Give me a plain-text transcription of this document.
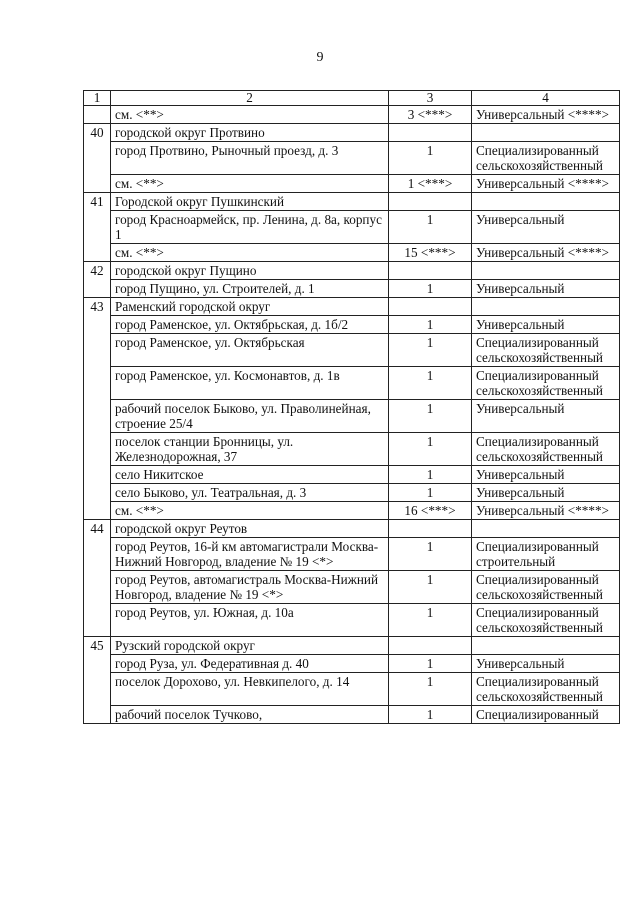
9
1	2	3	4
	см. <**>	3 <***>	Универсальный <****>
40	городской округ Протвино		
	город Протвино, Рыночный проезд, д. 3	1	Специализированный сельскохозяйственный
	см. <**>	1 <***>	Универсальный <****>
41	Городской округ Пушкинский		
	город Красноармейск, пр. Ленина, д. 8а, корпус 1	1	Универсальный
	см. <**>	15 <***>	Универсальный <****>
42	городской округ Пущино		
	город Пущино, ул. Строителей, д. 1	1	Универсальный
43	Раменский городской округ		
	город Раменское, ул. Октябрьская, д. 1б/2	1	Универсальный
	город Раменское, ул. Октябрьская	1	Специализированный сельскохозяйственный
	город Раменское, ул. Космонавтов, д. 1в	1	Специализированный сельскохозяйственный
	рабочий поселок Быково, ул. Праволинейная, строение 25/4	1	Универсальный
	поселок станции Бронницы, ул. Железнодорожная, 37	1	Специализированный сельскохозяйственный
	село Никитское	1	Универсальный
	село Быково, ул. Театральная, д. 3	1	Универсальный
	см. <**>	16 <***>	Универсальный <****>
44	городской округ Реутов		
	город Реутов, 16-й км автомагистрали Москва-Нижний Новгород, владение № 19 <*>	1	Специализированный строительный
	город Реутов, автомагистраль Москва-Нижний Новгород, владение № 19 <*>	1	Специализированный сельскохозяйственный
	город Реутов, ул. Южная, д. 10а	1	Специализированный сельскохозяйственный
45	Рузский городской округ		
	город Руза, ул. Федеративная д. 40	1	Универсальный
	поселок Дорохово, ул. Невкипелого, д. 14	1	Специализированный сельскохозяйственный
	рабочий поселок Тучково,	1	Специализированный
